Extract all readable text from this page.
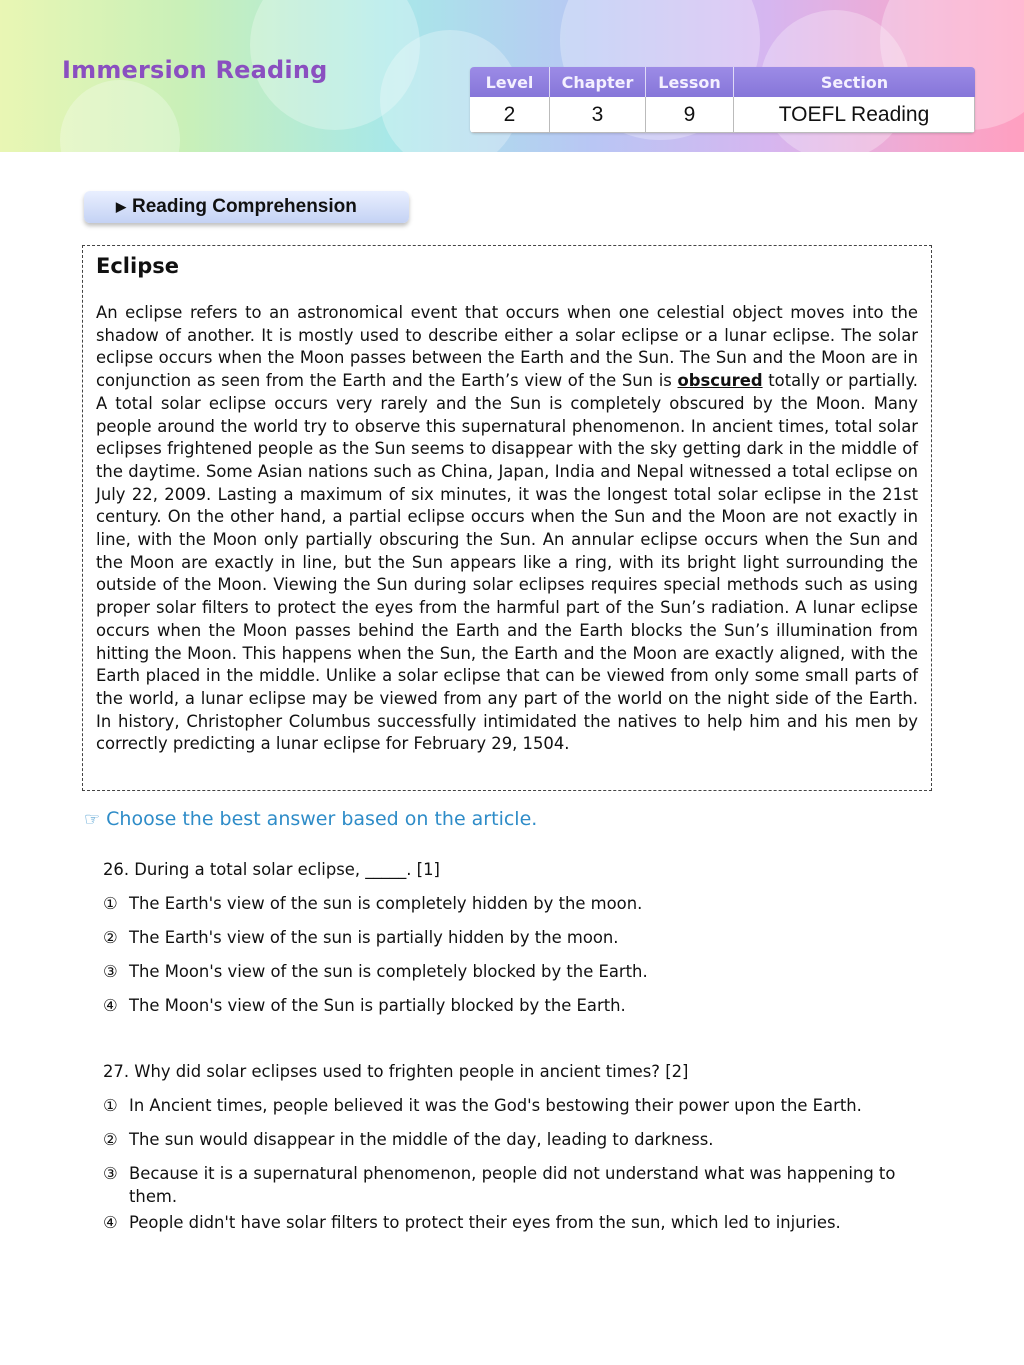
Immersion Reading	Level	Chapter	Lesson	Section
2	3	9	TOEFL Reading
▶ Reading Comprehension
Eclipse
An eclipse refers to an astronomical event that occurs when one celestial object moves into the shadow of another. It is mostly used to describe either a solar eclipse or a lunar eclipse. The solar eclipse occurs when the Moon passes between the Earth and the Sun. The Sun and the Moon are in conjunction as seen from the Earth and the Earth’s view of the Sun is obscured totally or partially. A total solar eclipse occurs very rarely and the Sun is completely obscured by the Moon. Many people around the world try to observe this supernatural phenomenon. In ancient times, total solar eclipses frightened people as the Sun seems to disappear with the sky getting dark in the middle of the daytime. Some Asian nations such as China, Japan, India and Nepal witnessed a total eclipse on July 22, 2009. Lasting a maximum of six minutes, it was the longest total solar eclipse in the 21st century. On the other hand, a partial eclipse occurs when the Sun and the Moon are not exactly in line, with the Moon only partially obscuring the Sun. An annular eclipse occurs when the Sun and the Moon are exactly in line, but the Sun appears like a ring, with its bright light surrounding the outside of the Moon. Viewing the Sun during solar eclipses requires special methods such as using proper solar filters to protect the eyes from the harmful part of the Sun’s radiation. A lunar eclipse occurs when the Moon passes behind the Earth and the Earth blocks the Sun’s illumination from hitting the Moon. This happens when the Sun, the Earth and the Moon are exactly aligned, with the Earth placed in the middle. Unlike a solar eclipse that can be viewed from only some small parts of the world, a lunar eclipse may be viewed from any part of the world on the night side of the Earth. In history, Christopher Columbus successfully intimidated the natives to help him and his men by correctly predicting a lunar eclipse for February 29, 1504.
☞ Choose the best answer based on the article.
26. During a total solar eclipse, _____. [1]
① The Earth's view of the sun is completely hidden by the moon.
② The Earth's view of the sun is partially hidden by the moon.
③ The Moon's view of the sun is completely blocked by the Earth.
④ The Moon's view of the Sun is partially blocked by the Earth.
27. Why did solar eclipses used to frighten people in ancient times? [2]
① In Ancient times, people believed it was the God's bestowing their power upon the Earth.
② The sun would disappear in the middle of the day, leading to darkness.
③ Because it is a supernatural phenomenon, people did not understand what was happening to them.
④ People didn't have solar filters to protect their eyes from the sun, which led to injuries.
